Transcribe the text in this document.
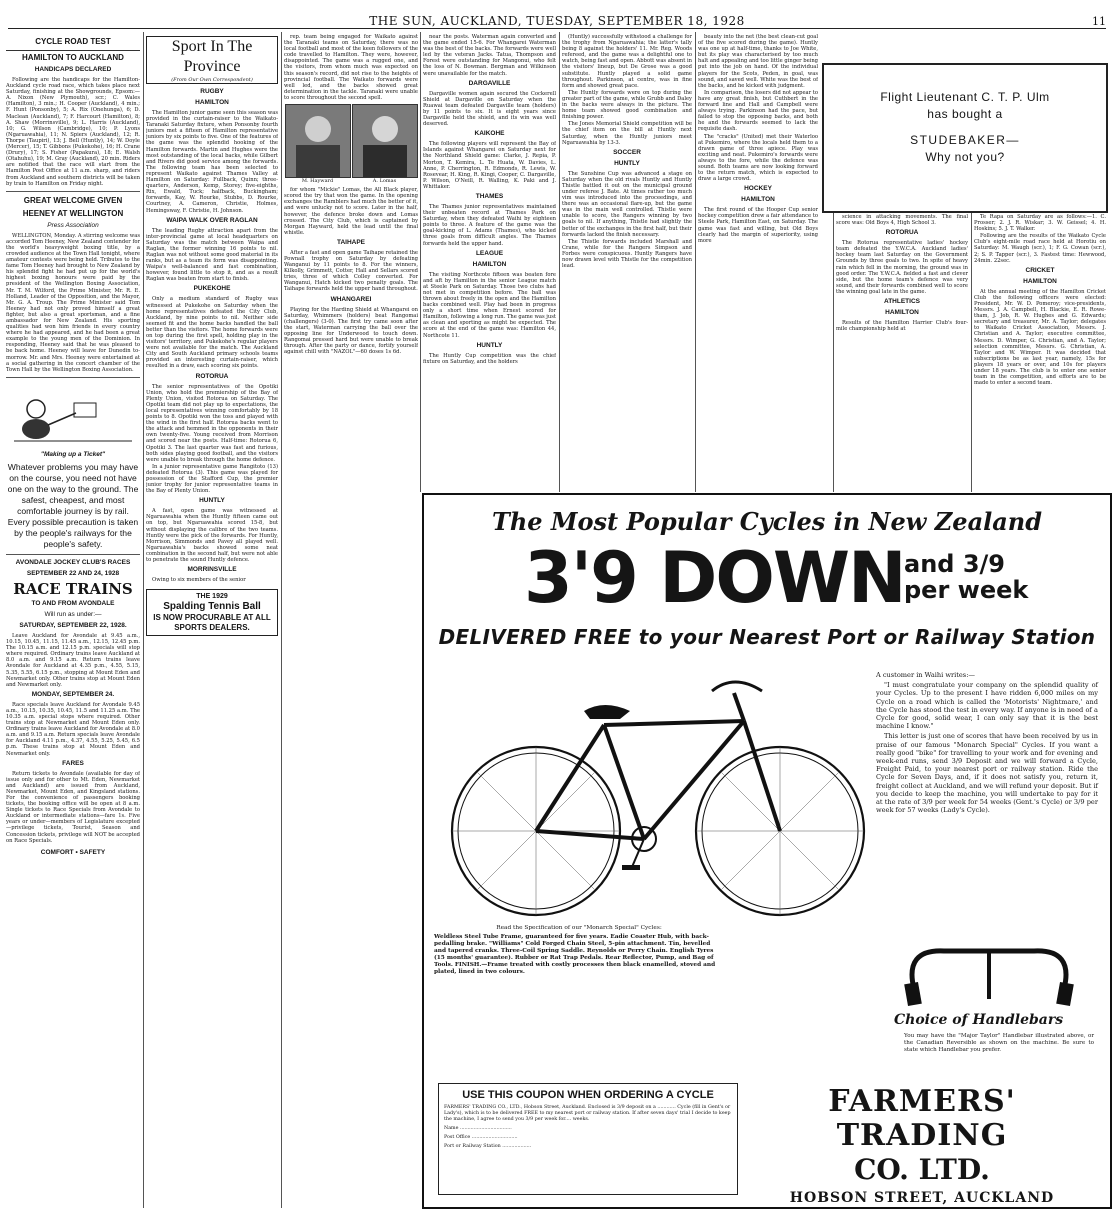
THE SUN, AUCKLAND, TUESDAY, SEPTEMBER 18, 1928	11

CYCLE ROAD TEST

HAMILTON TO AUCKLAND

HANDICAPS DECLARED

Following are the handicaps for the Hamilton-Auckland cycle road race, which takes place next Saturday, finishing at the Showgrounds, Epsom:— A. Nixon (New Plymouth), scr.; C. Wales (Hamilton), 3 min.; H. Cooper (Auckland), 4 min.; F. Hunt (Ponsonby), 5; A. Rix (Onehunga), 6; D. Maclean (Auckland), 7; F. Harcourt (Hamilton), 8; A. Shaw (Morrinsville), 9; L. Harris (Auckland), 10; G. Wilson (Cambridge), 10; P. Lyons (Ngaruawahia), 11; N. Spiers (Auckland), 12; R. Thorpe (Taupiri), 13; J. Bell (Huntly), 14; W. Doyle (Mercer), 15; T. Gibbons (Pukekohe), 16; H. Crane (Drury), 17; S. Fisher (Papakura), 18; E. Walsh (Otahuhu), 19; M. Gray (Auckland), 20 min. Riders are notified that the race will start from the Hamilton Post Office at 11 a.m. sharp, and riders from Auckland and southern districts will be taken by train to Hamilton on Friday night.

GREAT WELCOME GIVEN

HEENEY AT WELLINGTON

Press Association

WELLINGTON, Monday. A stirring welcome was accorded Tom Heeney, New Zealand contender for the world's heavyweight boxing title, by a crowded audience at the Town Hall tonight, where amateur contests were being held. Tributes to the fame Tom Heeney had brought to New Zealand by his splendid fight he had put up for the world's highest boxing honours were paid by the president of the Wellington Boxing Association, Mr. T. M. Wilford, the Prime Minister, Mr. R. E. Holland, Leader of the Opposition, and the Mayor, Mr. G. A. Troup. The Prime Minister said Tom Heeney had not only proved himself a great fighter, but also a great sportsman, and a fine ambassador for New Zealand. His sporting qualities had won him friends in every country where he had appeared, and he had been a great example to the young men of the Dominion. In responding, Heeney said that he was pleased to be back home. Heeney will leave for Dunedin to-morrow. Mr. and Mrs. Heeney were entertained at a social gathering in the concert chamber of the Town Hall by the Wellington Boxing Association.

"Making up a Ticket"

Whatever problems you may have on the course, you need not have one on the way to the ground. The safest, cheapest, and most comfortable journey is by rail. Every possible precaution is taken by the people's railways for the people's safety.

AVONDALE JOCKEY CLUB'S RACES

SEPTEMBER 22 AND 24, 1928

RACE TRAINS

TO AND FROM AVONDALE

Will run as under:—

SATURDAY, SEPTEMBER 22, 1928.

Leave Auckland for Avondale at 9.45 a.m., 10.15, 10.45, 11.15, 11.45 a.m., 12.15, 12.45 p.m. The 10.15 a.m. and 12.15 p.m. specials will stop where required. Ordinary trains leave Auckland at 8.0 a.m. and 9.15 a.m. Return trains leave Avondale for Auckland at 4.35 p.m., 4.55, 5.15, 5.35, 5.55, 6.15 p.m., stopping at Mount Eden and Newmarket only. Other trains stop at Mount Eden and Newmarket only.

MONDAY, SEPTEMBER 24.

Race specials leave Auckland for Avondale 9.45 a.m., 10.15, 10.35, 10.45, 11.5 and 11.25 a.m. The 10.35 a.m. special stops where required. Other trains stop at Newmarket and Mount Eden only. Ordinary trains leave Auckland for Avondale at 8.0 a.m. and 9.15 a.m. Return specials leave Avondale for Auckland 4.11 p.m., 4.37, 4.55, 5.25, 5.45, 6.5 p.m. These trains stop at Mount Eden and Newmarket only.

FARES

Return tickets to Avondale (available for day of issue only and for other to Mt. Eden, Newmarket and Auckland) are issued from Auckland, Newmarket, Mount Eden, and Kingsland stations. For the convenience of passengers booking tickets, the booking office will be open at 8 a.m. Single tickets to Race Specials from Avondale to Auckland or intermediate stations—fare 1s. Five years or under—members of Legislature excepted—privilege tickets, Tourist, Season and Concession tickets, privilege will NOT be accepted on Race Specials.

COMFORT • SAFETY

Sport In The Province
(From Our Own Correspondent)

RUGBY

HAMILTON

The Hamilton junior game seen this season was provided in the curtain-raiser to the Waikato-Taranaki Saturday fixture, when Ponsonby fourth juniors met a fifteen of Hamilton representative juniors by six points to five. One of the features of the game was the splendid hooking of the Hamilton forwards. Martin and Hughes were the most outstanding of the local backs, while Gilbert and Rivers did good service among the forwards. The following team has been selected to represent Waikato against Thames Valley at Hamilton on Saturday: Fullback, Quinn; three-quarters, Anderson, Kemp, Storey; five-eighths, Rix, Ewald, Tuck; halfback, Buckingham; forwards, Kay, W. Rourke, Stubbs, D. Rourke, Courtney, A. Cameron, Christie, Holmes, Hemingsway, F. Christie, H. Johnson.

WAIPA WALK OVER RAGLAN

The leading Rugby attraction apart from the inter-provincial game at local headquarters on Saturday was the match between Waipa and Raglan, the former winning 16 points to nil. Raglan was not without some good material in its ranks, but as a team its form was disappointing. Waipa's well-balanced and fast combination, however, found little to stop it, and as a result Raglan was beaten from start to finish.

PUKEKOHE

Only a medium standard of Rugby was witnessed at Pukekohe on Saturday when the home representatives defeated the City Club, Auckland, by nine points to nil. Neither side seemed fit and the home backs handled the ball better than the visitors. The home forwards were on top during the first spell, holding play in the visitors' territory, and Pukekohe's regular players were not available for the match. The Auckland City and South Auckland primary schools teams provided an interesting curtain-raiser, which resulted in a draw, each scoring six points.

ROTORUA

The senior representatives of the Opotiki Union, who hold the premiership of the Bay of Plenty Union, visited Rotorua on Saturday. The Opotiki team did not play up to expectations, the local representatives winning comfortably by 18 points to 8. Opotiki won the toss and played with the wind in the first half. Rotorua backs went to the attack and hemmed in the opponents in their own twenty-five. Young received from Morrison and scored near the posts. Half-time: Rotorua 6, Opotiki 3. The last quarter was fast and furious, both sides playing good football, and the visitors were unable to break through the home defence.

In a junior representative game Rangitoto (13) defeated Rotorua (3). This game was played for possession of the Stafford Cup, the premier junior trophy for junior representative teams in the Bay of Plenty Union.

HUNTLY

A fast, open game was witnessed at Ngaruawahia when the Huntly fifteen came out on top, but Ngaruawahia scored 15-8, but without displaying the calibre of the two teams. Huntly were the pick of the forwards. For Huntly, Morrison, Simmonds and Pavey all played well. Ngaruawahia's backs showed some neat combination in the second half, but were not able to penetrate the sound Huntly defence.

MORRINSVILLE

Owing to six members of the senior

THE 1929
Spalding Tennis Ball
IS NOW PROCURABLE AT ALL SPORTS DEALERS.

rep. team being engaged for Waikato against the Taranaki teams on Saturday, there was no local football and most of the keen followers of the code travelled to Hamilton. They were, however, disappointed. The game was a rugged one, and the visitors, from whom much was expected on this season's record, did not rise to the heights of provincial football. The Waikato forwards were well led, and the backs showed great determination in the tackle. Taranaki were unable to score throughout the second spell.

M. Hayward	A. Lomas

for whom "Mickie" Lomas, the All Black player, scored the try that won the game. In the opening exchanges the Ramblers had much the better of it, and were unlucky not to score. Later in the half, however, the defence broke down and Lomas crossed. The City Club, which is captained by Morgan Hayward, held the lead until the final whistle.

TAIHAPE

After a fast and open game Taihape retained the Pownall trophy on Saturday by defeating Wanganui by 11 points to 8. For the winners, Kilkolly, Grimmett, Cotter, Hall and Sellars scored tries, three of which Colley converted. For Wanganui, Hatch kicked two penalty goals. The Taihape forwards held the upper hand throughout.

WHANGAREI

Playing for the Harding Shield at Whangarei on Saturday, Whimmers (holders) beat Rangomai (challengers) (3-0). The first try came soon after the start, Waterman carrying the ball over the opposing line for Underwood to touch down. Rangomai pressed hard but were unable to break through. After the party or dance, fortify yourself against chill with "NAZOL"—60 doses 1s 6d.

near the posts. Waterman again converted and the game ended 15-6. For Whangarei Waterman was the best of the backs. The forwards were well led by the veteran Jacks. Tatua, Thompson and Forest were outstanding for Mangonui, who felt the loss of N. Bowman. Bergman and Wilkinson were unavailable for the match.

DARGAVILLE

Dargaville women again secured the Cockerell Shield at Dargaville on Saturday when the Ruawai team defeated Dargaville team (holders) by 11 points to six. It is eight years since Dargaville held the shield, and its win was well deserved.

KAIKOHE

The following players will represent the Bay of Islands against Whangarei on Saturday next for the Northland Shield game: Clarke, J. Repia, P. Morton, T. Kemira, L. Te Huata, W. Davies, L. Anne, P. Cherrington, R. Edmonds, R. Lewis, W. Rosevear, H. King, R. Kingi, Cooper, C. Dargaville, P. Wilson, O'Neill, R. Walling, K. Paki and J. Whittaker.

THAMES

The Thames junior representatives maintained their unbeaten record at Thames Park on Saturday, when they defeated Waihi by eighteen points to three. A feature of the game was the goal-kicking of L. Adams (Thames), who kicked three goals from difficult angles. The Thames forwards held the upper hand.

LEAGUE

HAMILTON

The visiting Northcote fifteen was beaten fore and aft by Hamilton in the senior League match at Steele Park on Saturday. Those two clubs had not met in competition before. The ball was thrown about freely in the open and the Hamilton backs combined well. Play had been in progress only a short time when Ernest scored for Hamilton, following a long run. The game was just as clean and sporting as might be expected. The score at the end of the game was: Hamilton 44, Northcote 11.

HUNTLY

The Huntly Cup competition was the chief fixture on Saturday, and the holders

(Huntly) successfully withstood a challenge for the trophy from Ngaruawahia; the latter's tally being 8 against the holders' 11. Mr. Reg. Woods refereed, and the game was a delightful one to watch, being fast and open. Abbott was absent in the visitors' lineup, but De Grose was a good substitute. Huntly played a solid game throughout. Parkinson, at centre, was in fine form and showed great pace.

The Huntly forwards were on top during the greater part of the game, while Grubb and Daley in the backs were always in the picture. The home team showed good combination and finishing power.

The Jones Memorial Shield competition will be the chief item on the bill at Huntly next Saturday, when the Huntly juniors meet Ngaruawahia by 13-3.

SOCCER

HUNTLY

The Sunshine Cup was advanced a stage on Saturday when the old rivals Huntly and Huntly Thistle battled it out on the municipal ground under referee J. Bate. At times rather too much vim was introduced into the proceedings, and there was an occasional flare-up, but the game was in the main well controlled. Thistle were unable to score, the Rangers winning by two goals to nil. If anything, Thistle had slightly the better of the exchanges in the first half, but their forwards lacked the finish necessary.

The Thistle forwards included Marshall and Crane, while for the Rangers Simpson and Forbes were conspicuous. Huntly Rangers have now drawn level with Thistle for the competition lead.

beauty into the net (the best clean-cut goal of the five scored during the game). Huntly was one up at half-time, thanks to Joe White, but its play was characterised by too much halt and appealing and too little ginger being put into the job on hand. Of the individual players for the Scots, Peden, in goal, was sound, and saved well. White was the best of the backs, and he kicked with judgment.

In comparison, the losers did not appear to have any great finish, but Cuthbert in the forward line and Hall and Campbell were always trying. Parkinson had the pace, but failed to stop the opposing backs, and both he and the forwards seemed to lack the requisite dash.

The "cracks" (United) met their Waterloo at Pukemiro, where the locals held them to a drawn game of three apiece. Play was exciting and neat. Pukemiro's forwards were always to the fore, while the defence was sound. Both teams are now looking forward to the return match, which is expected to draw a large crowd.

HOCKEY

HAMILTON

The first round of the Hooper Cup senior hockey competition drew a fair attendance to Steele Park, Hamilton East, on Saturday. The game was fast and willing, but Old Boys clearly had the margin of superiority, using more

Flight Lieutenant C. T. P. Ulm
has bought a
STUDEBAKER—
Why not you?

science in attacking movements. The final score was: Old Boys 4, High School 3.

ROTORUA

The Rotorua representative ladies' hockey team defeated the Y.W.C.A. Auckland ladies' hockey team last Saturday on the Government Grounds by three goals to two. In spite of heavy rain which fell in the morning, the ground was in good order. The Y.W.C.A. fielded a fast and clever side, but the home team's defence was very sound, and their forwards combined well to score the winning goal late in the game.

ATHLETICS

HAMILTON

Results of the Hamilton Harrier Club's four-mile championship held at

Te Rapa on Saturday are as follows:—1. C. Prosser; 2. J. R. Wiskar; 3. W. Geissel; 4. H. Hoskins; 5. J. T. Walker.

Following are the results of the Waikato Cycle Club's eight-mile road race held at Horotiu on Saturday: M. Waugh (scr.), 1; F. G. Cowan (scr.), 2; S. P. Tapper (scr.), 3. Fastest time: Hewwood, 24min. 22sec.

CRICKET

HAMILTON

At the annual meeting of the Hamilton Cricket Club the following officers were elected: President, Mr. W. D. Pomeroy; vice-presidents, Messrs. J. A. Campbell, H. Blackie, E. R. Rowe-tham, J. Job, R. W. Hughes and G. Edwards; secretary and treasurer, Mr. A. Taylor; delegates to Waikato Cricket Association, Messrs. J. Christian and A. Taylor; executive committee, Messrs. D. Wimper, G. Christian, and A. Taylor; selection committee, Messrs. G. Christian, A. Taylor and W. Wimper. It was decided that subscriptions be as last year, namely, 15s for players 18 years or over, and 10s for players under 18 years. The club is to enter one senior team in the competition, and efforts are to be made to enter a second team.

The Most Popular Cycles in New Zealand
3'9 DOWN and 3/9
per week
DELIVERED FREE to your Nearest Port or Railway Station

A customer in Waihi writes:—

"I must congratulate your company on the splendid quality of your Cycles. Up to the present I have ridden 6,000 miles on my Cycle on a road which is called the 'Motorists' Nightmare,' and the Cycle has stood the test in every way. If anyone is in need of a Cycle for good, solid wear, I can only say that it is the best machine I know."

This letter is just one of scores that have been received by us in praise of our famous "Monarch Special" Cycles. If you want a really good "bike" for travelling to your work and for evening and week-end runs, send 3/9 Deposit and we will forward a Cycle, Freight Paid, to your nearest port or railway station. Ride the Cycle for Seven Days, and, if it does not satisfy you, return it, freight collect at Auckland, and we will refund your deposit. But if you decide to keep the machine, you will undertake to pay for it at the rate of 3/9 per week for 54 weeks (Gent.'s Cycle) or 3/9 per week for 57 weeks (Lady's Cycle).

Choice of Handlebars
You may have the "Major Taylor" Handlebar illustrated above, or the Canadian Reversible as shown on the machine. Be sure to state which Handlebar you prefer.
Read the Specification of our "Monarch Special" Cycles:
Weldless Steel Tube Frame, guaranteed for five years. Eadie Coaster Hub, with back-pedalling brake. "Williams" Cold Forged Chain Steel, 5-pin attachment. Tin, bevelled and tapered cranks. Three-Coil Spring Saddle. Reynolds or Perry Chain. English Tyres (15 months' guarantee). Rubber or Rat Trap Pedals. Rear Reflector, Pump, and Bag of Tools. FINISH.—Frame treated with costly processes then black enamelled, stoved and plated, lined in two colours.
USE THIS COUPON WHEN ORDERING A CYCLE
FARMERS' TRADING CO., LTD., Hobson Street, Auckland. Enclosed is 3/9 deposit on a ............ Cycle (fill in Gent's or Lady's), which is to be delivered FREE to my nearest port or railway station. If after seven days' trial I decide to keep the machine, I agree to send you 3/9 per week for.... weeks.
Name ..................................
Post Office ..............................
Port or Railway Station ...................
FARMERS' TRADING
CO. LTD.
HOBSON STREET, AUCKLAND
